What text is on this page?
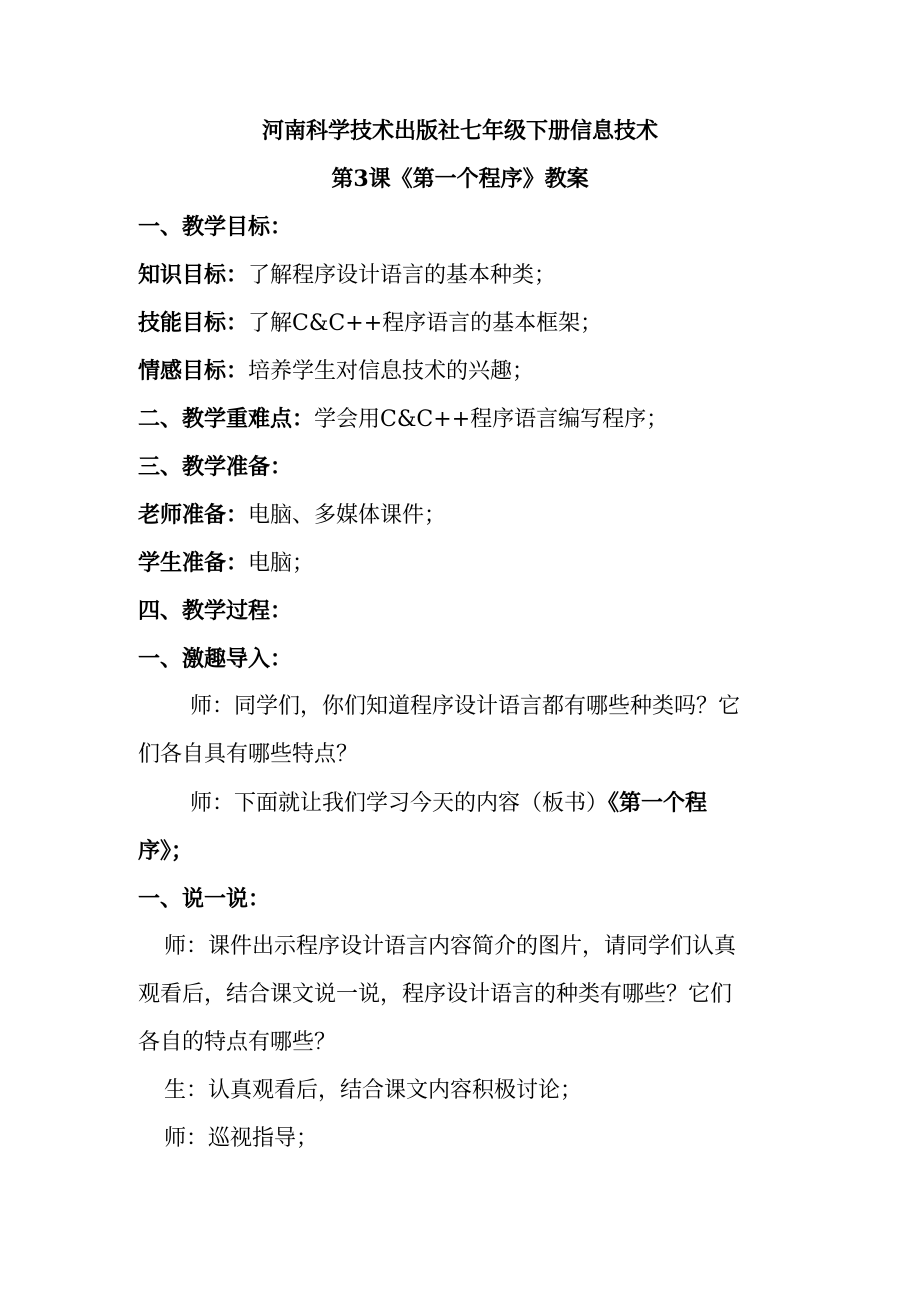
河南科学技术出版社七年级下册信息技术
第3课《第一个程序》教案
一、教学目标：
知识目标：了解程序设计语言的基本种类；
技能目标：了解C&C++程序语言的基本框架；
情感目标：培养学生对信息技术的兴趣；
二、教学重难点：学会用C&C++程序语言编写程序；
三、教学准备：
老师准备：电脑、多媒体课件；
学生准备：电脑；
四、教学过程：
一、激趣导入：
师：同学们，你们知道程序设计语言都有哪些种类吗？它
们各自具有哪些特点？
师：下面就让我们学习今天的内容（板书）《第一个程
序》；
一、说一说：
师：课件出示程序设计语言内容简介的图片，请同学们认真
观看后，结合课文说一说，程序设计语言的种类有哪些？它们
各自的特点有哪些？
生：认真观看后，结合课文内容积极讨论；
师：巡视指导；
